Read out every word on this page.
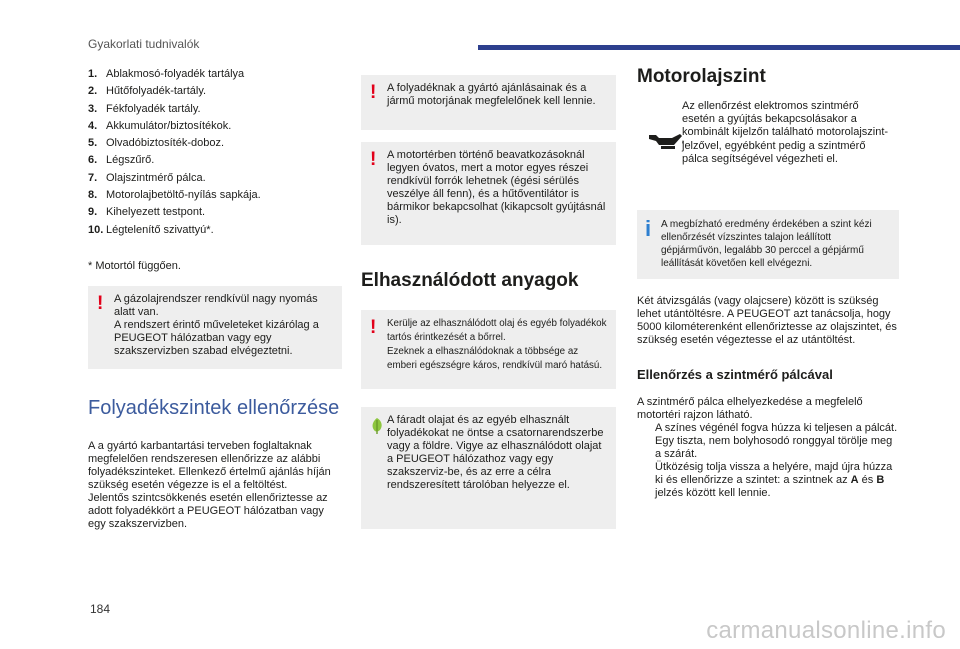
Gyakorlati tudnivalók
1. Ablakmosó-folyadék tartálya
2. Hűtőfolyadék-tartály.
3. Fékfolyadék tartály.
4. Akkumulátor/biztosítékok.
5. Olvadóbiztosíték-doboz.
6. Légszűrő.
7. Olajszintmérő pálca.
8. Motorolajbetöltő-nyílás sapkája.
9. Kihelyezett testpont.
10. Légtelenítő szivattyú*.
* Motortól függően.
! A gázolajrendszer rendkívül nagy nyomás alatt van.
A rendszert érintő műveleteket kizárólag a PEUGEOT hálózatban vagy egy szakszervizben szabad elvégeztetni.
Folyadékszintek ellenőrzése
A a gyártó karbantartási terveben foglaltaknak megfelelően rendszeresen ellenőrizze az alábbi folyadékszinteket. Ellenkező értelmű ajánlás híján szükség esetén végezze is el a feltöltést.
Jelentős szintcsökkenés esetén ellenőriztesse az adott folyadékkört a PEUGEOT hálózatban vagy egy szakszervizben.
! A folyadéknak a gyártó ajánlásainak és a jármű motorjának megfelelőnek kell lennie.
! A motortérben történő beavatkozásoknál legyen óvatos, mert a motor egyes részei rendkívül forrók lehetnek (égési sérülés veszélye áll fenn), és a hűtőventilátor is bármikor bekapcsolhat (kikapcsolt gyújtásnál is).
Elhasználódott anyagok
! Kerülje az elhasználódott olaj és egyéb folyadékok tartós érintkezését a bőrrel.
Ezeknek a elhasználódoknak a többsége az emberi egészségre káros, rendkívül maró hatású.
A fáradt olajat és az egyéb elhasznált folyadékokat ne öntse a csatornarendszerbe vagy a földre. Vigye az elhasználódott olajat a PEUGEOT hálózathoz vagy egy szakszerviz-be, és az erre a célra rendszeresített tárolóban helyezze el.
Motorolajszint
Az ellenőrzést elektromos szintmérő esetén a gyújtás bekapcsolásakor a kombinált kijelzőn található motorolajszint-jelzővel, egyébként pedig a szintmérő pálca segítségével végezheti el.
i A megbízható eredmény érdekében a szint kézi ellenőrzését vízszintes talajon leállított gépjárművön, legalább 30 perccel a gépjármű leállítását követően kell elvégezni.

Két átvizsgálás (vagy olajcsere) között is szükség lehet utántöltésre. A PEUGEOT azt tanácsolja, hogy 5000 kilométerenként ellenőriztesse az olajszintet, és szükség esetén végeztesse el az utántöltést.

Ellenőrzés a szintmérő pálcával

A szintmérő pálca elhelyezkedése a megfelelő motortéri rajzon látható.

A színes végénél fogva húzza ki teljesen a pálcát.
Egy tiszta, nem bolyhosodó ronggyal törölje meg a szárát.
Ütközésig tolja vissza a helyére, majd újra húzza ki és ellenőrizze a szintet: a szintnek az A és B jelzés között kell lennie.
184
carmanualsonline.info
